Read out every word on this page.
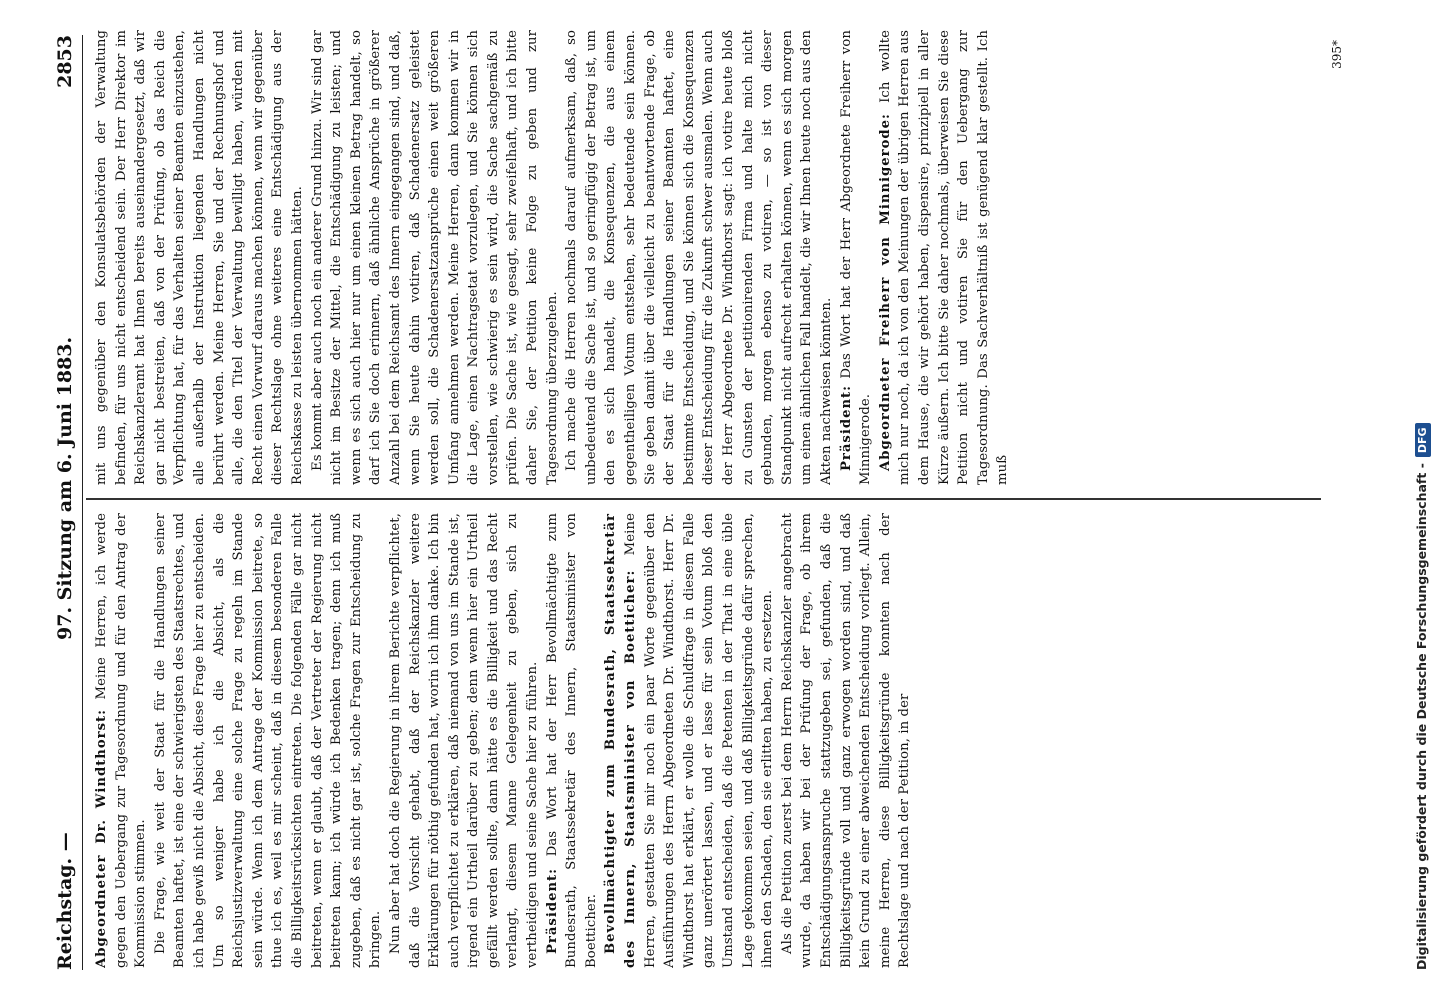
Reichstag. —
97. Sitzung am 6. Juni 1883.
2853

Abgeordneter Dr. Windthorst: Meine Herren, ich werde gegen den Uebergang zur Tagesordnung und für den Antrag der Kommission stimmen. Die Frage, wie weit der Staat für die Handlungen seiner Beamten haftet, ist eine der schwierigsten des Staatsrechtes, und ich habe gewiß nicht die Absicht, diese Frage hier zu entscheiden. Um so weniger habe ich die Absicht, als die Reichsjustizverwaltung eine solche Frage zu regeln im Stande sein würde. Wenn ich dem Antrage der Kommission beitrete, so thue ich es, weil es mir scheint, daß in diesem besonderen Falle die Billigkeitsrücksichten eintreten. Die folgenden Fälle gar nicht beitreten, wenn er glaubt, daß der Vertreter der Regierung nicht beitreten kann; ich würde ich Bedenken tragen; denn ich muß zugeben, daß es nicht gar ist, solche Fragen zur Entscheidung zu bringen. Nun aber hat doch die Regierung in ihrem Berichte verpflichtet, daß die Vorsicht gehabt, daß der Reichskanzler weitere Erklärungen für nöthig gefunden hat, worin ich ihm danke. Ich bin auch verpflichtet zu erklären, daß niemand von uns im Stande ist, irgend ein Urtheil darüber zu geben; denn wenn hier ein Urtheil gefällt werden sollte, dann hätte es die Billigkeit und das Recht verlangt, diesem Manne Gelegenheit zu geben, sich zu vertheidigen und seine Sache hier zu führen. Präsident: Das Wort hat der Herr Bevollmächtigte zum Bundesrath, Staatssekretär des Innern, Staatsminister von Boetticher. Bevollmächtigter zum Bundesrath, Staatssekretär des Innern, Staatsminister von Boetticher: Meine Herren, gestatten Sie mir noch ein paar Worte gegenüber den Ausführungen des Herrn Abgeordneten Dr. Windthorst. Herr Dr. Windthorst hat erklärt, er wolle die Schuldfrage in diesem Falle ganz unerörtert lassen, und er lasse für sein Votum bloß den Umstand entscheiden, daß die Petenten in der That in eine üble Lage gekommen seien, und daß Billigkeitsgründe dafür sprechen, ihnen den Schaden, den sie erlitten haben, zu ersetzen. Als die Petition zuerst bei dem Herrn Reichskanzler angebracht wurde, da haben wir bei der Prüfung der Frage, ob ihrem Entschädigungsanspruche stattzugeben sei, gefunden, daß die Billigkeitsgründe voll und ganz erwogen worden sind, und daß kein Grund zu einer abweichenden Entscheidung vorliegt. Allein, meine Herren, diese Billigkeitsgründe konnten nach der Rechtslage und nach der Petition, in der

mit uns gegenüber den Konsulatsbehörden der Verwaltung befinden, für uns nicht entscheidend sein. Der Herr Direktor im Reichskanzleramt hat Ihnen bereits auseinandergesetzt, daß wir gar nicht bestreiten, daß von der Prüfung, ob das Reich die Verpflichtung hat, für das Verhalten seiner Beamten einzustehen, alle außerhalb der Instruktion liegenden Handlungen nicht berührt werden. Meine Herren, Sie und der Rechnungshof und alle, die den Titel der Verwaltung bewilligt haben, würden mit Recht einen Vorwurf daraus machen können, wenn wir gegenüber dieser Rechtslage ohne weiteres eine Entschädigung aus der Reichskasse zu leisten übernommen hätten. Es kommt aber auch noch ein anderer Grund hinzu. Wir sind gar nicht im Besitze der Mittel, die Entschädigung zu leisten; und wenn es sich auch hier nur um einen kleinen Betrag handelt, so darf ich Sie doch erinnern, daß ähnliche Ansprüche in größerer Anzahl bei dem Reichsamt des Innern eingegangen sind, und daß, wenn Sie heute dahin votiren, daß Schadenersatz geleistet werden soll, die Schadenersatzansprüche einen weit größeren Umfang annehmen werden. Meine Herren, dann kommen wir in die Lage, einen Nachtragsetat vorzulegen, und Sie können sich vorstellen, wie schwierig es sein wird, die Sache sachgemäß zu prüfen. Die Sache ist, wie gesagt, sehr zweifelhaft, und ich bitte daher Sie, der Petition keine Folge zu geben und zur Tagesordnung überzugehen. Ich mache die Herren nochmals darauf aufmerksam, daß, so unbedeutend die Sache ist, und so geringfügig der Betrag ist, um den es sich handelt, die Konsequenzen, die aus einem gegentheiligen Votum entstehen, sehr bedeutende sein können. Sie geben damit über die vielleicht zu beantwortende Frage, ob der Staat für die Handlungen seiner Beamten haftet, eine bestimmte Entscheidung, und Sie können sich die Konsequenzen dieser Entscheidung für die Zukunft schwer ausmalen. Wenn auch der Herr Abgeordnete Dr. Windthorst sagt: ich votire heute bloß zu Gunsten der petitionirenden Firma und halte mich nicht gebunden, morgen ebenso zu votiren, — so ist von dieser Standpunkt nicht aufrecht erhalten können, wenn es sich morgen um einen ähnlichen Fall handelt, die wir Ihnen heute noch aus den Akten nachweisen könnten. Präsident: Das Wort hat der Herr Abgeordnete Freiherr von Minnigerode. Abgeordneter Freiherr von Minnigerode: Ich wollte mich nur noch, da ich von den Meinungen der übrigen Herren aus dem Hause, die wir gehört haben, dispensire, prinzipiell in aller Kürze äußern. Ich bitte Sie daher nochmals, überweisen Sie diese Petition nicht und votiren Sie für den Uebergang zur Tagesordnung. Das Sachverhältniß ist genügend klar gestellt. Ich muß

395*
Digitalisierung gefördert durch die Deutsche Forschungsgemeinschaft -DFG
